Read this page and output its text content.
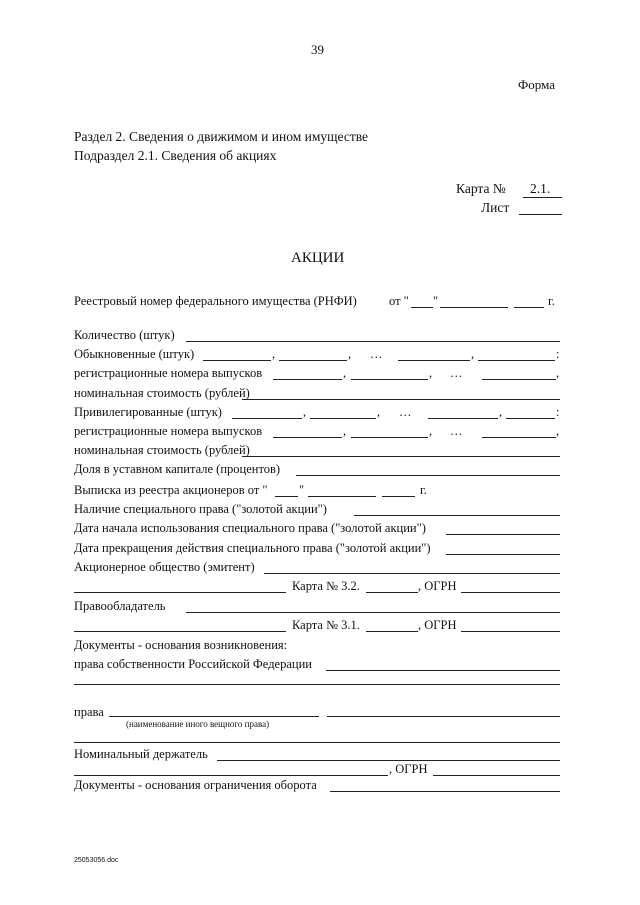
39
Форма
Раздел 2. Сведения о движимом и ином имуществе
Подраздел 2.1. Сведения об акциях
Карта № 2.1.
Лист
АКЦИИ
Реестровый номер федерального имущества (РНФИ)	от " "	г.
Количество (штук)
Обыкновенные (штук)	,	, …	,	:
регистрационные номера выпусков	,	, …	,
номинальная стоимость (рублей)
Привилегированные (штук)	,	, …	,	:
регистрационные номера выпусков	,	, …	,
номинальная стоимость (рублей)
Доля в уставном капитале (процентов)
Выписка из реестра акционеров от "	"	г.
Наличие специального права ("золотой акции")
Дата начала использования специального права ("золотой акции")
Дата прекращения действия специального права ("золотой акции")
Акционерное общество (эмитент)
Карта № 3.2.	, ОГРН
Правообладатель
Карта № 3.1.	, ОГРН
Документы - основания возникновения:
права собственности Российской Федерации
права
(наименование иного вещного права)
Номинальный держатель
, ОГРН
Документы - основания ограничения оборота
25053056.doc
